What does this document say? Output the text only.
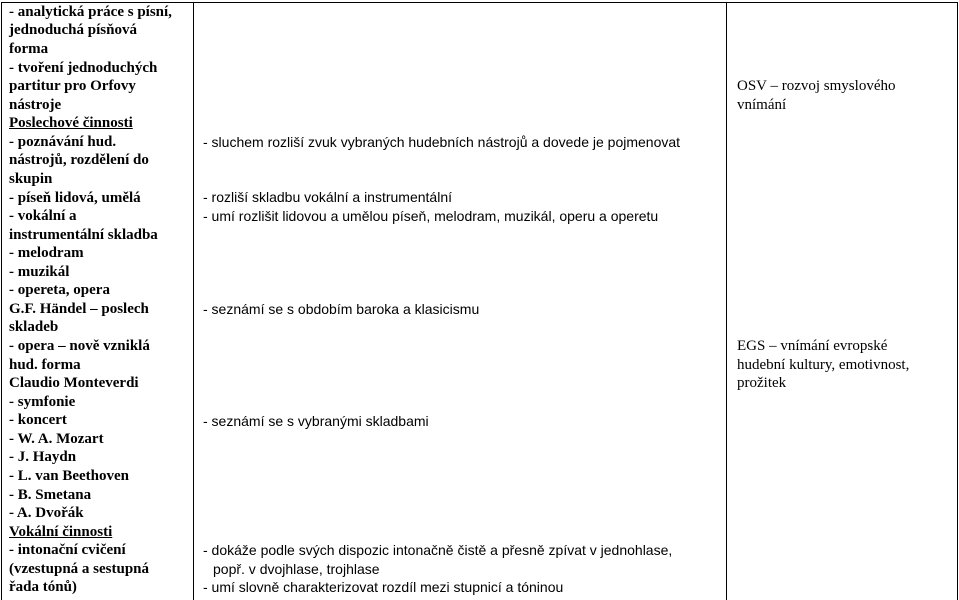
- analytická práce s písní,
jednoduchá písňová
forma
- tvoření jednoduchých
partitur pro Orfovy
nástroje
Poslechové činnosti
- poznávání hud.
nástrojů, rozdělení do
skupin
- píseň lidová, umělá
- vokální a
instrumentální skladba
- melodram
- muzikál
- opereta, opera
G.F. Händel – poslech
skladeb
- opera – nově vzniklá
hud. forma
Claudio Monteverdi
- symfonie
- koncert
- W. A. Mozart
- J. Haydn
- L. van Beethoven
- B. Smetana
- A. Dvořák
Vokální činnosti
- intonační cvičení
(vzestupná a sestupná
řada tónů)
- sluchem rozliší zvuk vybraných hudebních nástrojů a dovede je pojmenovat
- rozliší skladbu vokální a instrumentální
- umí rozlišit lidovou a umělou píseň, melodram, muzikál, operu a operetu
- seznámí se s obdobím baroka a klasicismu
- seznámí se s vybranými skladbami
- dokáže podle svých dispozic intonačně čistě a přesně zpívat v jednohlase,
popř. v dvojhlase, trojhlase
- umí slovně charakterizovat rozdíl mezi stupnicí a tóninou
OSV – rozvoj smyslového
vnímání
EGS – vnímání evropské
hudební kultury, emotivnost,
prožitek
